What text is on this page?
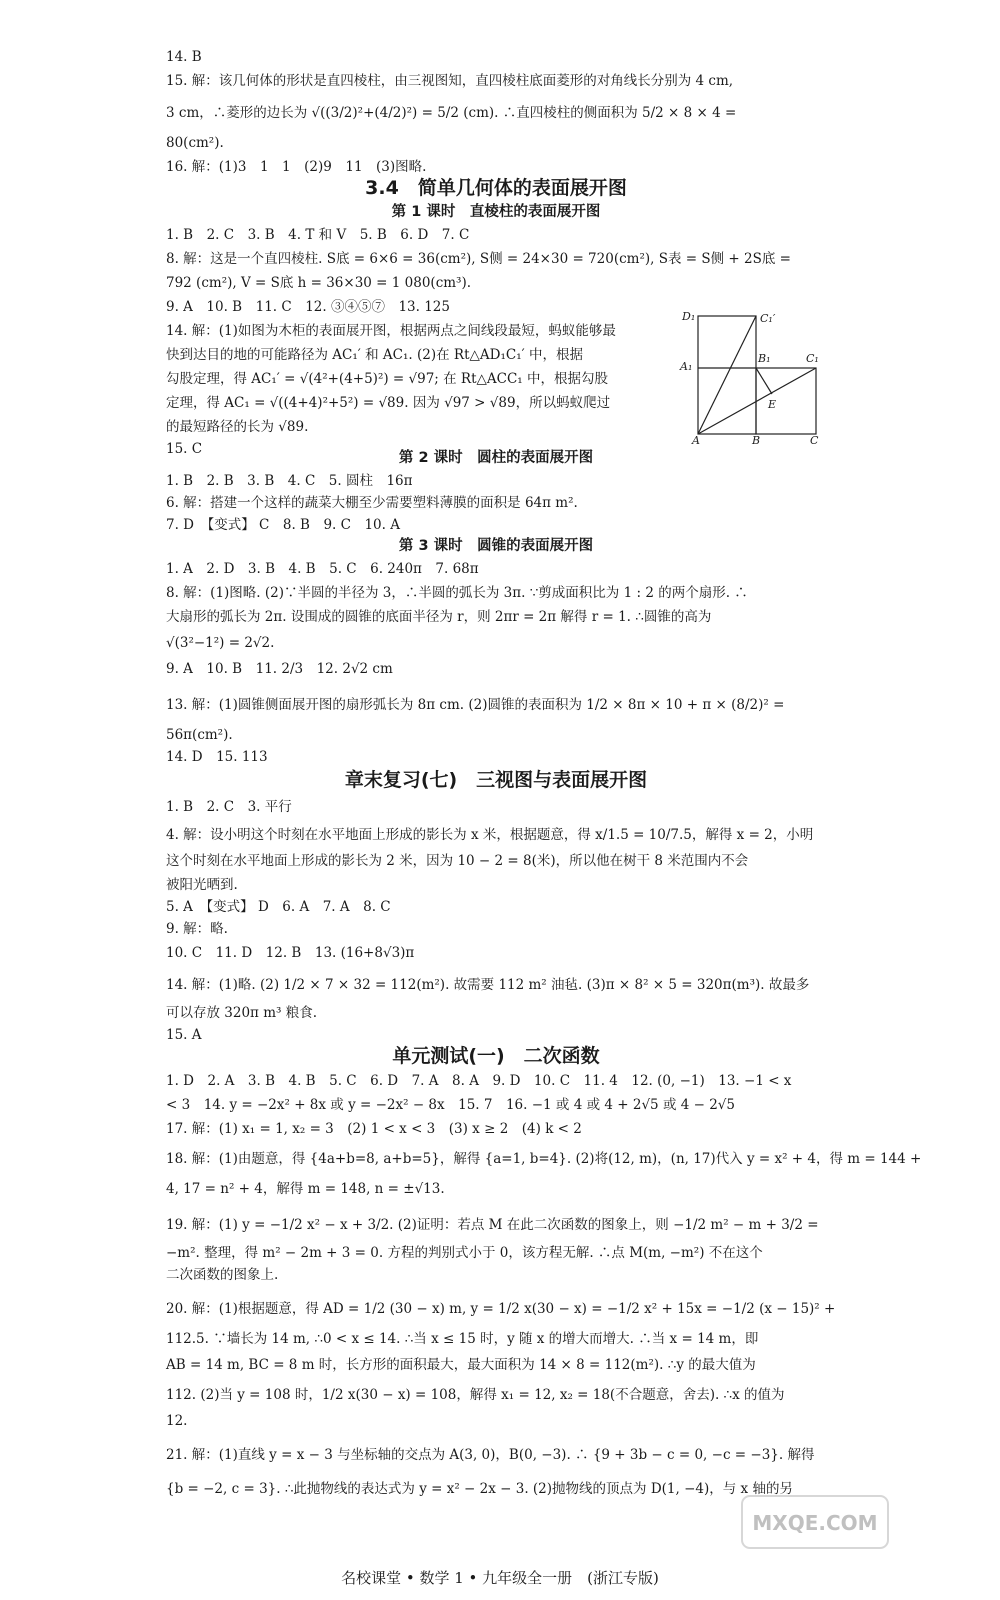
14. B
15. 解：该几何体的形状是直四棱柱，由三视图知，直四棱柱底面菱形的对角线长分别为 4 cm,
3 cm，∴菱形的边长为 √((3/2)²+(4/2)²) = 5/2 (cm). ∴直四棱柱的侧面积为 5/2 × 8 × 4 =
80(cm²).
16. 解：(1)3　1　1　(2)9　11　(3)图略.
3.4　简单几何体的表面展开图
第 1 课时　直棱柱的表面展开图
1. B　2. C　3. B　4. T 和 V　5. B　6. D　7. C
8. 解：这是一个直四棱柱. S底 = 6×6 = 36(cm²), S侧 = 24×30 = 720(cm²), S表 = S侧 + 2S底 =
792 (cm²), V = S底 h = 36×30 = 1 080(cm³).
9. A　10. B　11. C　12. ③④⑤⑦　13. 125
14. 解：(1)如图为木柜的表面展开图，根据两点之间线段最短，蚂蚁能够最
快到达目的地的可能路径为 AC₁′ 和 AC₁. (2)在 Rt△AD₁C₁′ 中，根据
勾股定理，得 AC₁′ = √(4²+(4+5)²) = √97; 在 Rt△ACC₁ 中，根据勾股
定理，得 AC₁ = √((4+4)²+5²) = √89. 因为 √97 > √89，所以蚂蚁爬过
的最短路径的长为 √89.
15. C
D₁	C₁′
B₁	C₁
A₁
E
A	B	C
第 2 课时　圆柱的表面展开图
1. B　2. B　3. B　4. C　5. 圆柱　16π
6. 解：搭建一个这样的蔬菜大棚至少需要塑料薄膜的面积是 64π m².
7. D　【变式】 C　8. B　9. C　10. A
第 3 课时　圆锥的表面展开图
1. A　2. D　3. B　4. B　5. C　6. 240π　7. 68π
8. 解：(1)图略. (2)∵半圆的半径为 3，∴半圆的弧长为 3π. ∵剪成面积比为 1 : 2 的两个扇形. ∴
大扇形的弧长为 2π. 设围成的圆锥的底面半径为 r，则 2πr = 2π 解得 r = 1. ∴圆锥的高为
√(3²−1²) = 2√2.
9. A　10. B　11. 2/3　12. 2√2 cm
13. 解：(1)圆锥侧面展开图的扇形弧长为 8π cm. (2)圆锥的表面积为 1/2 × 8π × 10 + π × (8/2)² =
56π(cm²).
14. D　15. 113
章末复习(七)　三视图与表面展开图
1. B　2. C　3. 平行
4. 解：设小明这个时刻在水平地面上形成的影长为 x 米，根据题意，得 x/1.5 = 10/7.5，解得 x = 2，小明
这个时刻在水平地面上形成的影长为 2 米，因为 10 − 2 = 8(米)，所以他在树干 8 米范围内不会
被阳光晒到.
5. A　【变式】 D　6. A　7. A　8. C
9. 解：略.
10. C　11. D　12. B　13. (16+8√3)π
14. 解：(1)略. (2) 1/2 × 7 × 32 = 112(m²). 故需要 112 m² 油毡. (3)π × 8² × 5 = 320π(m³). 故最多
可以存放 320π m³ 粮食.
15. A
单元测试(一)　二次函数
1. D　2. A　3. B　4. B　5. C　6. D　7. A　8. A　9. D　10. C　11. 4　12. (0, −1)　13. −1 < x
< 3　14. y = −2x² + 8x 或 y = −2x² − 8x　15. 7　16. −1 或 4 或 4 + 2√5 或 4 − 2√5
17. 解：(1) x₁ = 1, x₂ = 3　(2) 1 < x < 3　(3) x ≥ 2　(4) k < 2
18. 解：(1)由题意，得 {4a+b=8, a+b=5}，解得 {a=1, b=4}. (2)将(12, m)，(n, 17)代入 y = x² + 4，得 m = 144 +
4, 17 = n² + 4，解得 m = 148, n = ±√13.
19. 解：(1) y = −1/2 x² − x + 3/2. (2)证明：若点 M 在此二次函数的图象上，则 −1/2 m² − m + 3/2 =
−m². 整理，得 m² − 2m + 3 = 0. 方程的判别式小于 0，该方程无解. ∴点 M(m, −m²) 不在这个
二次函数的图象上.
20. 解：(1)根据题意，得 AD = 1/2 (30 − x) m, y = 1/2 x(30 − x) = −1/2 x² + 15x = −1/2 (x − 15)² +
112.5. ∵墙长为 14 m, ∴0 < x ≤ 14. ∴当 x ≤ 15 时，y 随 x 的增大而增大. ∴当 x = 14 m，即
AB = 14 m, BC = 8 m 时，长方形的面积最大，最大面积为 14 × 8 = 112(m²). ∴y 的最大值为
112. (2)当 y = 108 时，1/2 x(30 − x) = 108，解得 x₁ = 12, x₂ = 18(不合题意，舍去). ∴x 的值为
12.
21. 解：(1)直线 y = x − 3 与坐标轴的交点为 A(3, 0)，B(0, −3). ∴ {9 + 3b − c = 0, −c = −3}. 解得
{b = −2, c = 3}. ∴此抛物线的表达式为 y = x² − 2x − 3. (2)抛物线的顶点为 D(1, −4)，与 x 轴的另
MXQE.COM
名校课堂 • 数学 1 • 九年级全一册　(浙江专版)
